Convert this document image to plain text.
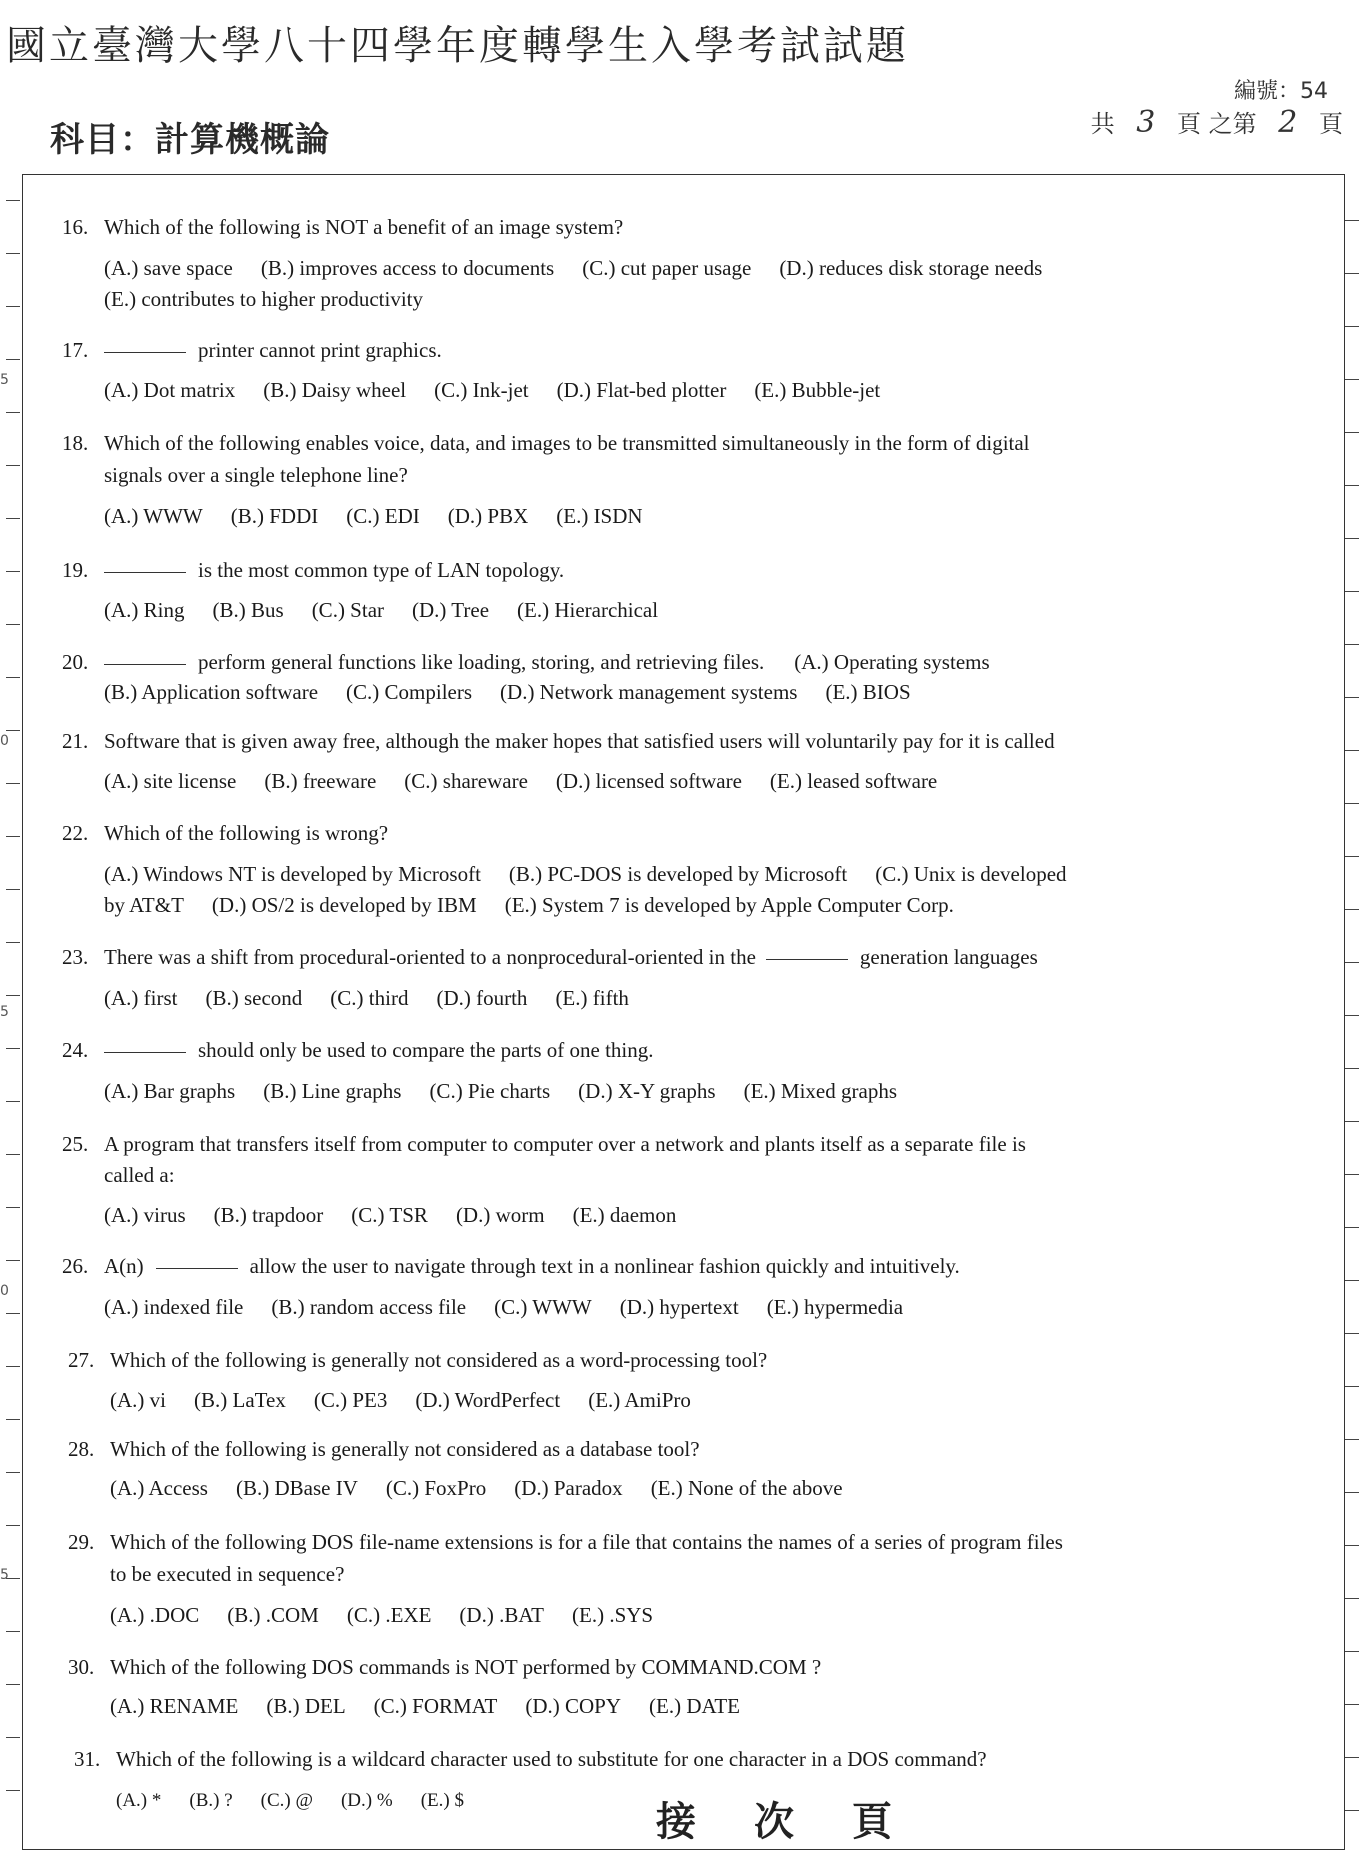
國立臺灣大學八十四學年度轉學生入學考試試題
編號：54
科目：計算機概論	共 3 頁 之第 2 頁
5
0
5
0
5
16. Which of the following is NOT a benefit of an image system?
(A.) save space (B.) improves access to documents (C.) cut paper usage (D.) reduces disk storage needs
(E.) contributes to higher productivity
17.	printer cannot print graphics.
(A.) Dot matrix (B.) Daisy wheel (C.) Ink-jet (D.) Flat-bed plotter (E.) Bubble-jet
18. Which of the following enables voice, data, and images to be transmitted simultaneously in the form of digital
signals over a single telephone line?
(A.) WWW (B.) FDDI (C.) EDI (D.) PBX (E.) ISDN
19.	is the most common type of LAN topology.
(A.) Ring (B.) Bus (C.) Star (D.) Tree (E.) Hierarchical
20.	perform general functions like loading, storing, and retrieving files. (A.) Operating systems
(B.) Application software (C.) Compilers (D.) Network management systems (E.) BIOS
21. Software that is given away free, although the maker hopes that satisfied users will voluntarily pay for it is called
(A.) site license (B.) freeware (C.) shareware (D.) licensed software (E.) leased software
22. Which of the following is wrong?
(A.) Windows NT is developed by Microsoft (B.) PC-DOS is developed by Microsoft (C.) Unix is developed
by AT&T (D.) OS/2 is developed by IBM (E.) System 7 is developed by Apple Computer Corp.
23. There was a shift from procedural-oriented to a nonprocedural-oriented in the	generation languages
(A.) first (B.) second (C.) third (D.) fourth (E.) fifth
24.	should only be used to compare the parts of one thing.
(A.) Bar graphs (B.) Line graphs (C.) Pie charts (D.) X-Y graphs (E.) Mixed graphs
25. A program that transfers itself from computer to computer over a network and plants itself as a separate file is
called a:
(A.) virus (B.) trapdoor (C.) TSR (D.) worm (E.) daemon
26. A(n)	allow the user to navigate through text in a nonlinear fashion quickly and intuitively.
(A.) indexed file (B.) random access file (C.) WWW (D.) hypertext (E.) hypermedia
27. Which of the following is generally not considered as a word-processing tool?
(A.) vi (B.) LaTex (C.) PE3 (D.) WordPerfect (E.) AmiPro
28. Which of the following is generally not considered as a database tool?
(A.) Access (B.) DBase IV (C.) FoxPro (D.) Paradox (E.) None of the above
29. Which of the following DOS file-name extensions is for a file that contains the names of a series of program files
to be executed in sequence?
(A.) .DOC (B.) .COM (C.) .EXE (D.) .BAT (E.) .SYS
30. Which of the following DOS commands is NOT performed by COMMAND.COM ?
(A.) RENAME (B.) DEL (C.) FORMAT (D.) COPY (E.) DATE
31. Which of the following is a wildcard character used to substitute for one character in a DOS command?
(A.) * (B.) ? (C.) @ (D.) % (E.) $	接次頁
